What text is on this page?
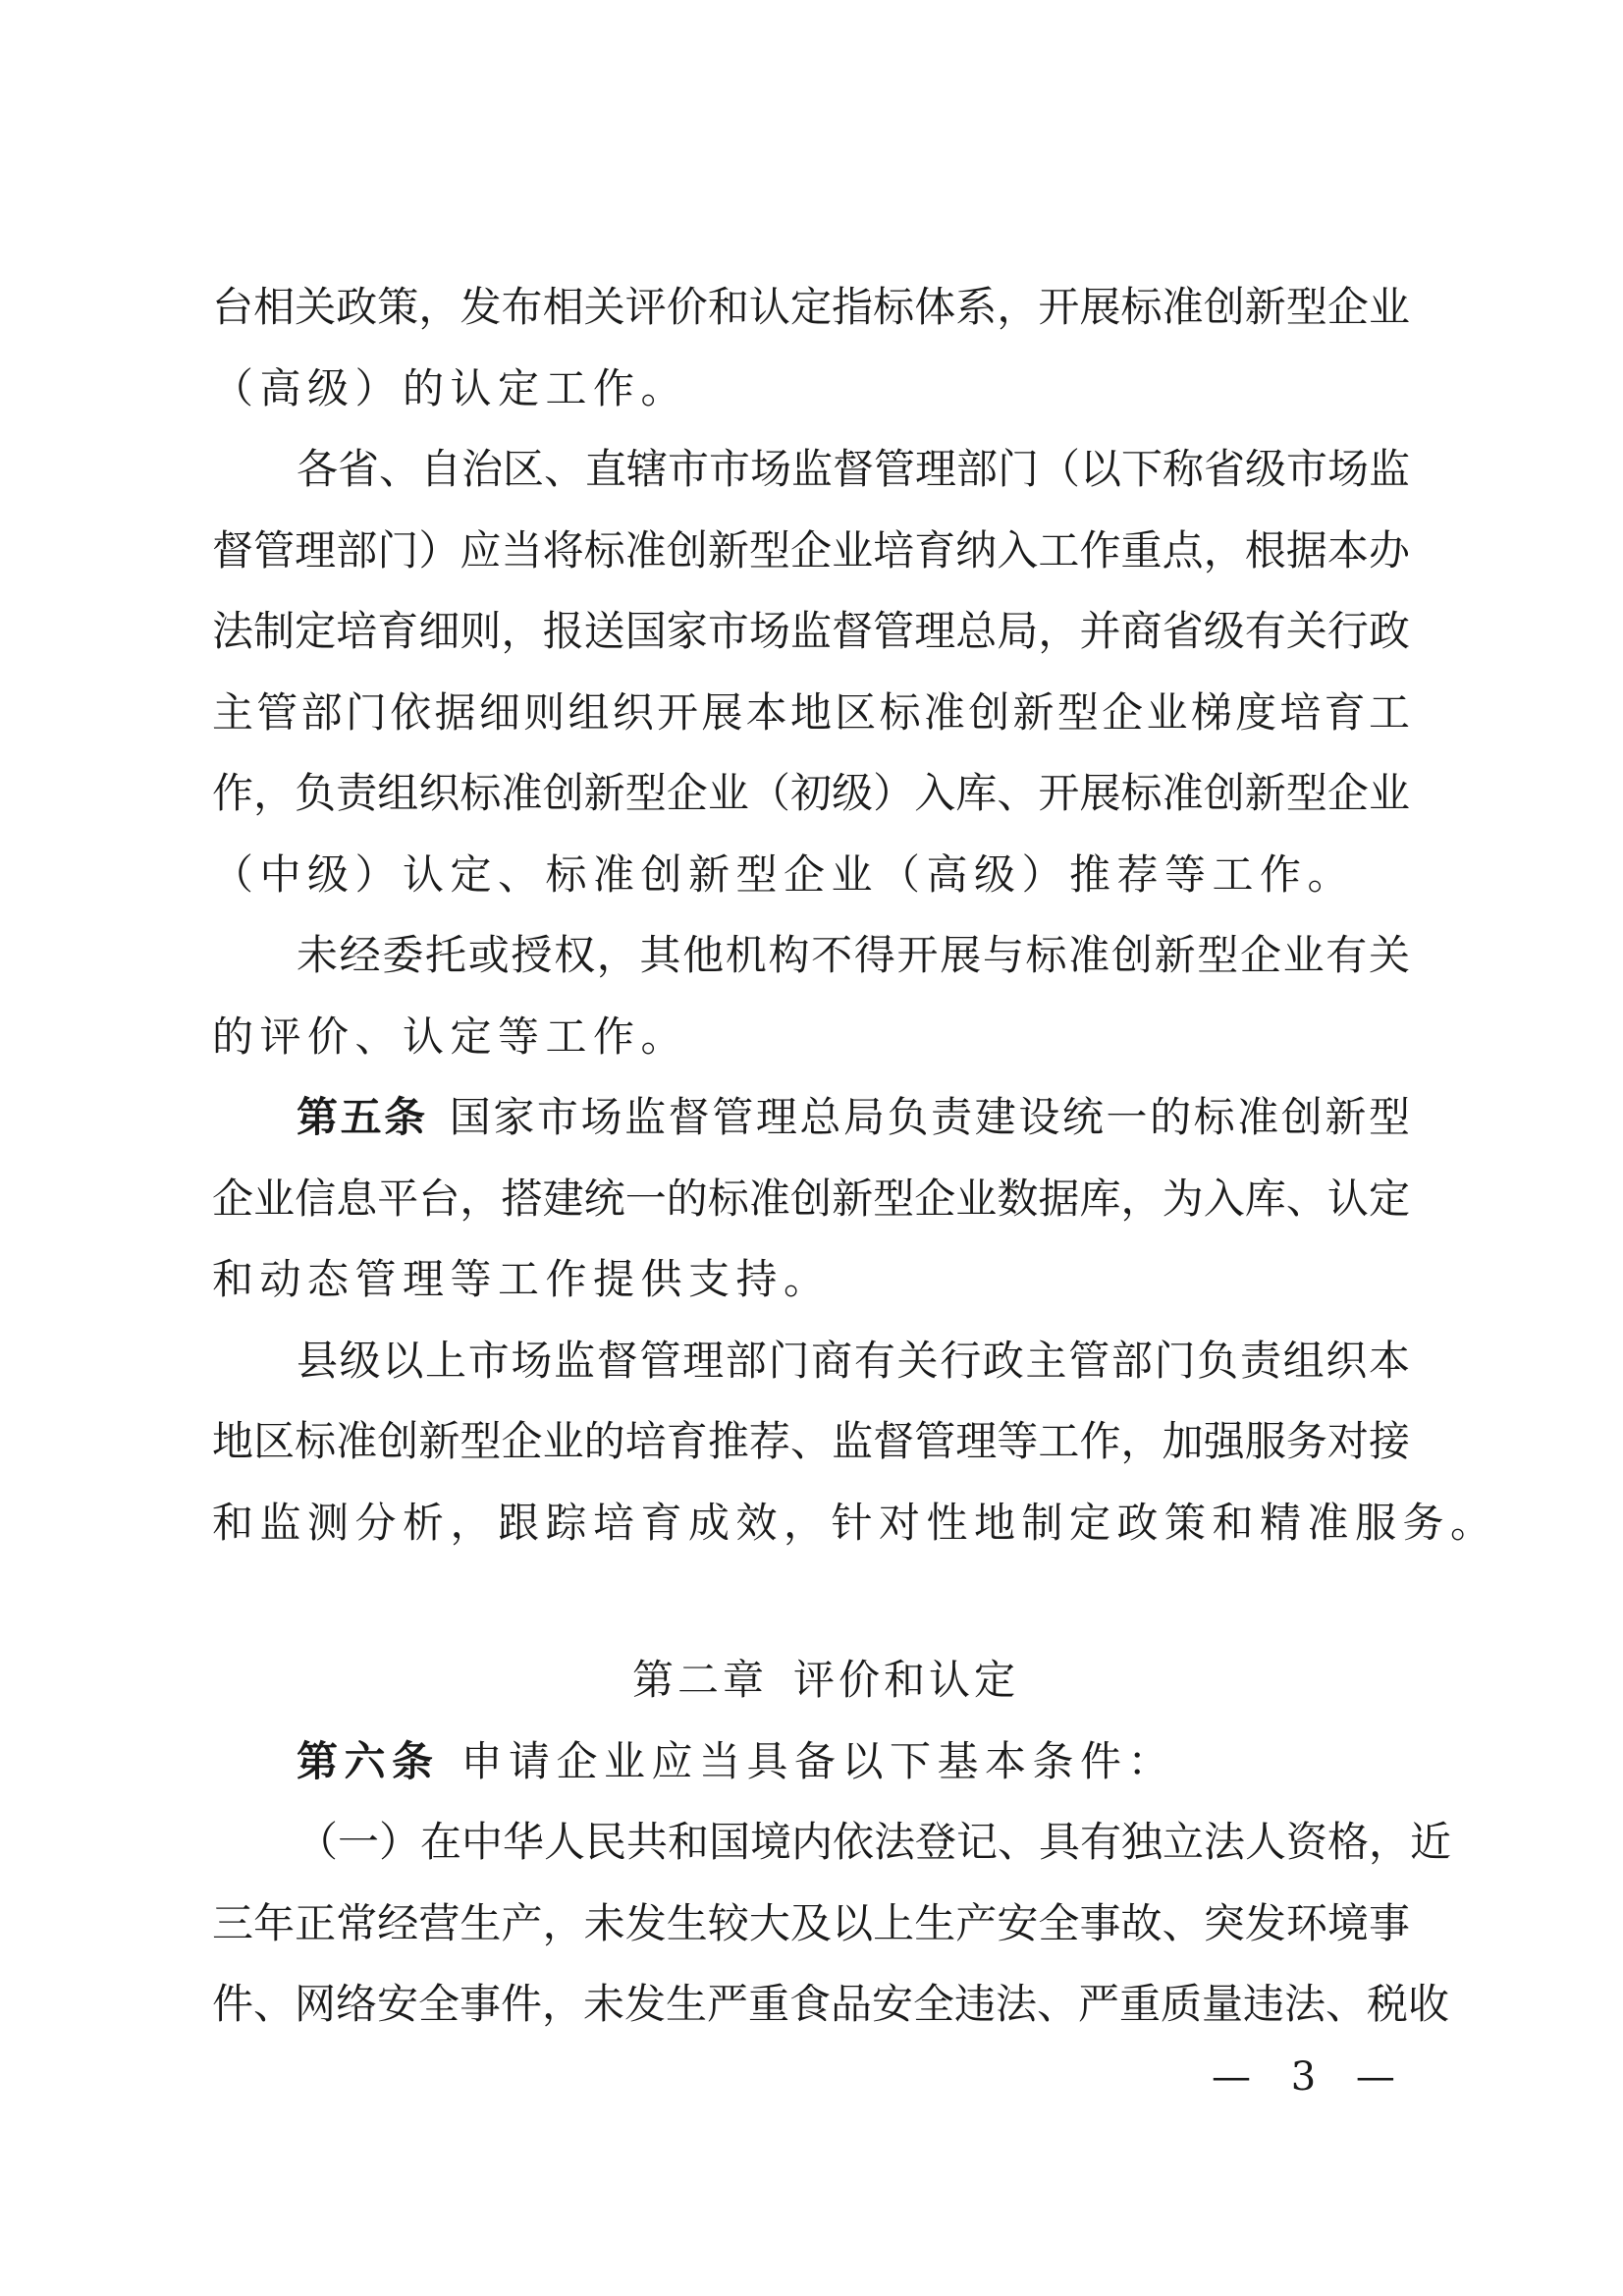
台相关政策，发布相关评价和认定指标体系，开展标准创新型企业
（高级）的认定工作。
各省、自治区、直辖市市场监督管理部门（以下称省级市场监
督管理部门）应当将标准创新型企业培育纳入工作重点，根据本办
法制定培育细则，报送国家市场监督管理总局，并商省级有关行政
主管部门依据细则组织开展本地区标准创新型企业梯度培育工
作，负责组织标准创新型企业（初级）入库、开展标准创新型企业
（中级）认定、标准创新型企业（高级）推荐等工作。
未经委托或授权，其他机构不得开展与标准创新型企业有关
的评价、认定等工作。
第五条 国家市场监督管理总局负责建设统一的标准创新型
企业信息平台，搭建统一的标准创新型企业数据库，为入库、认定
和动态管理等工作提供支持。
县级以上市场监督管理部门商有关行政主管部门负责组织本
地区标准创新型企业的培育推荐、监督管理等工作，加强服务对接
和监测分析，跟踪培育成效，针对性地制定政策和精准服务。
第二章 评价和认定
第六条 申请企业应当具备以下基本条件：
（一）在中华人民共和国境内依法登记、具有独立法人资格，近
三年正常经营生产，未发生较大及以上生产安全事故、突发环境事
件、网络安全事件，未发生严重食品安全违法、严重质量违法、税收
— 3 —
